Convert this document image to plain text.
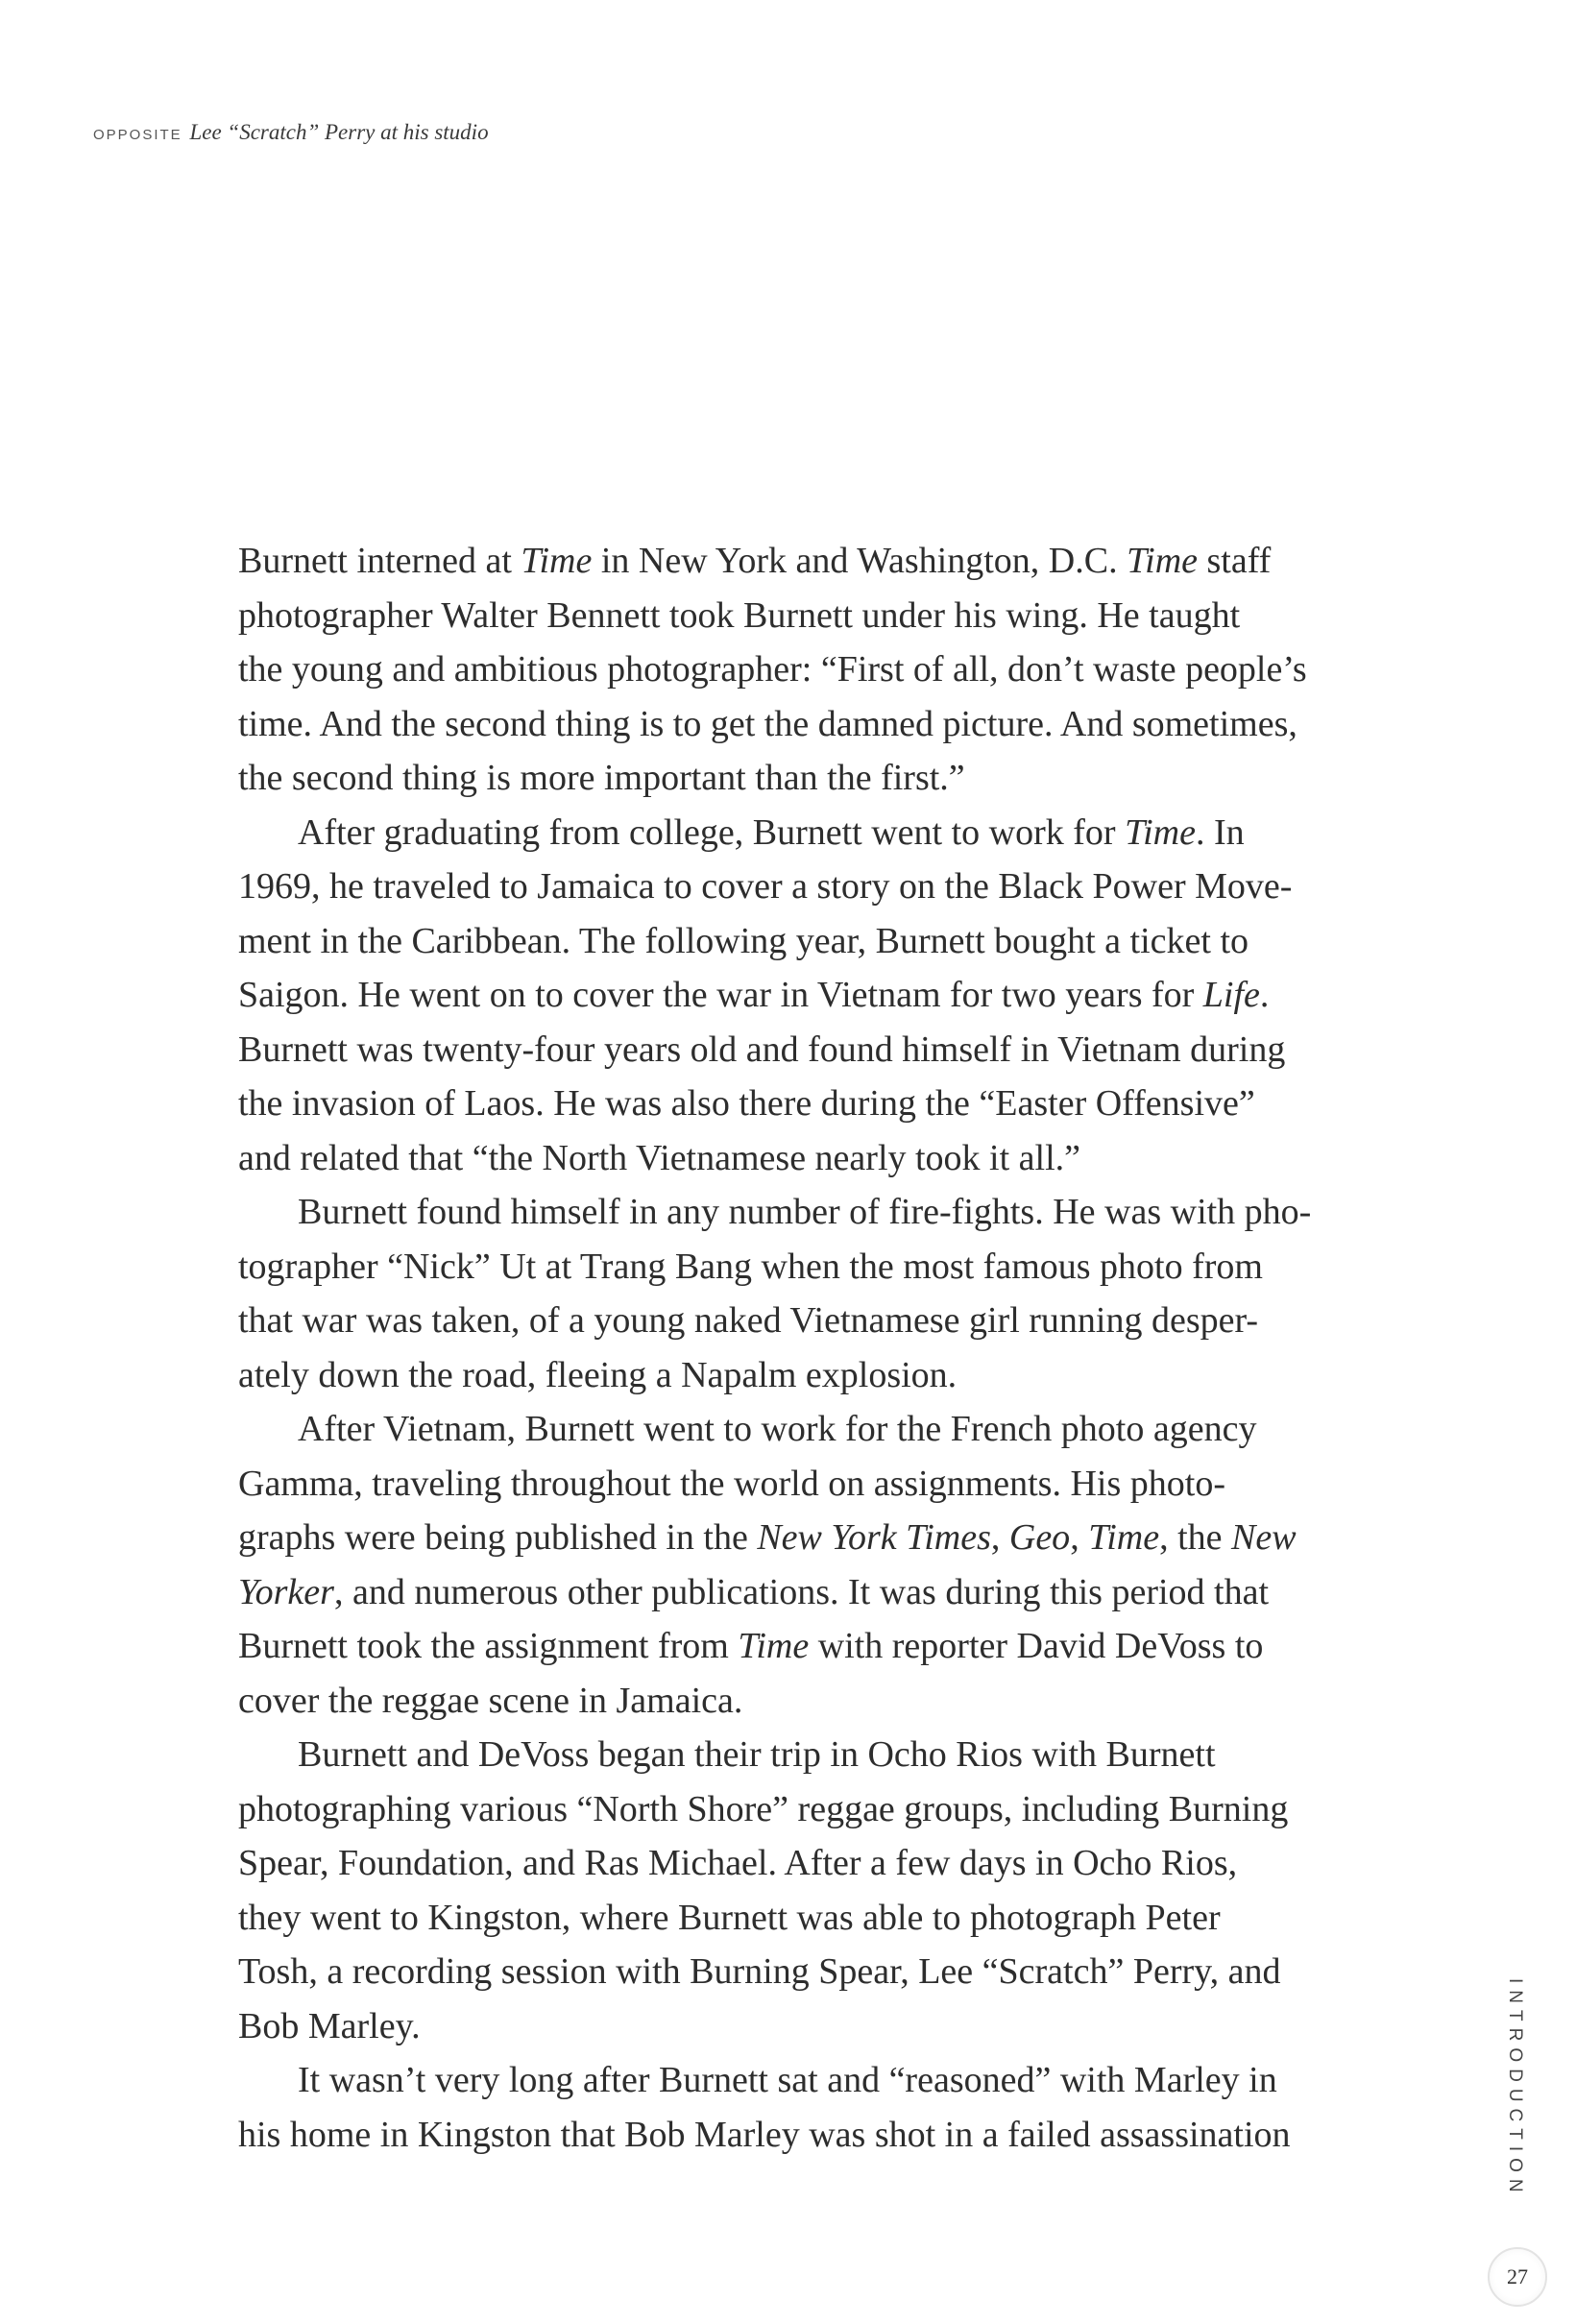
OPPOSITE Lee “Scratch” Perry at his studio
Burnett interned at Time in New York and Washington, D.C. Time staff
photographer Walter Bennett took Burnett under his wing. He taught
the young and ambitious photographer: “First of all, don’t waste people’s
time. And the second thing is to get the damned picture. And sometimes,
the second thing is more important than the first.”
After graduating from college, Burnett went to work for Time. In
1969, he traveled to Jamaica to cover a story on the Black Power Move-
ment in the Caribbean. The following year, Burnett bought a ticket to
Saigon. He went on to cover the war in Vietnam for two years for Life.
Burnett was twenty-four years old and found himself in Vietnam during
the invasion of Laos. He was also there during the “Easter Offensive”
and related that “the North Vietnamese nearly took it all.”
Burnett found himself in any number of fire-fights. He was with pho-
tographer “Nick” Ut at Trang Bang when the most famous photo from
that war was taken, of a young naked Vietnamese girl running desper-
ately down the road, fleeing a Napalm explosion.
After Vietnam, Burnett went to work for the French photo agency
Gamma, traveling throughout the world on assignments. His photo-
graphs were being published in the New York Times, Geo, Time, the New
Yorker, and numerous other publications. It was during this period that
Burnett took the assignment from Time with reporter David DeVoss to
cover the reggae scene in Jamaica.
Burnett and DeVoss began their trip in Ocho Rios with Burnett
photographing various “North Shore” reggae groups, including Burning
Spear, Foundation, and Ras Michael. After a few days in Ocho Rios,
they went to Kingston, where Burnett was able to photograph Peter
Tosh, a recording session with Burning Spear, Lee “Scratch” Perry, and
Bob Marley.
It wasn’t very long after Burnett sat and “reasoned” with Marley in
his home in Kingston that Bob Marley was shot in a failed assassination	INTRODUCTION
27
